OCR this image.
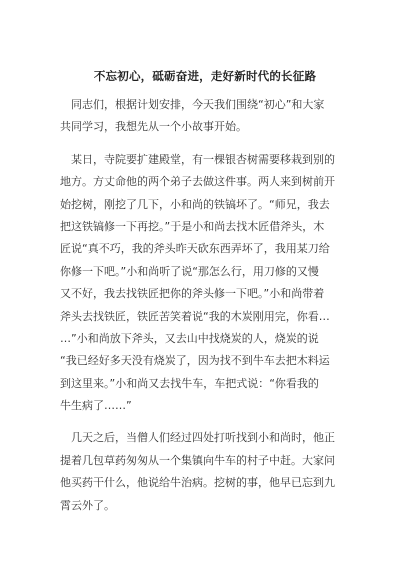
不忘初心，砥砺奋进，走好新时代的长征路
　同志们，根据计划安排，今天我们围绕“初心”和大家
共同学习，我想先从一个小故事开始。
　某日，寺院要扩建殿堂，有一棵银杏树需要移栽到别的
地方。方丈命他的两个弟子去做这件事。两人来到树前开
始挖树，刚挖了几下，小和尚的铁镐坏了。“师兄，我去
把这铁镐修一下再挖。”于是小和尚去找木匠借斧头，木
匠说“真不巧，我的斧头昨天砍东西弄坏了，我用某刀给
你修一下吧。”小和尚听了说“那怎么行，用刀修的又慢
又不好，我去找铁匠把你的斧头修一下吧。”小和尚带着
斧头去找铁匠，铁匠苦笑着说“我的木炭刚用完，你看…
…”小和尚放下斧头，又去山中找烧炭的人，烧炭的说
“我已经好多天没有烧炭了，因为找不到牛车去把木料运
到这里来。”小和尚又去找牛车，车把式说：“你看我的
牛生病了……”
　几天之后，当僧人们经过四处打听找到小和尚时，他正
提着几包草药匆匆从一个集镇向牛车的村子中赶。大家问
他买药干什么，他说给牛治病。挖树的事，他早已忘到九
霄云外了。
